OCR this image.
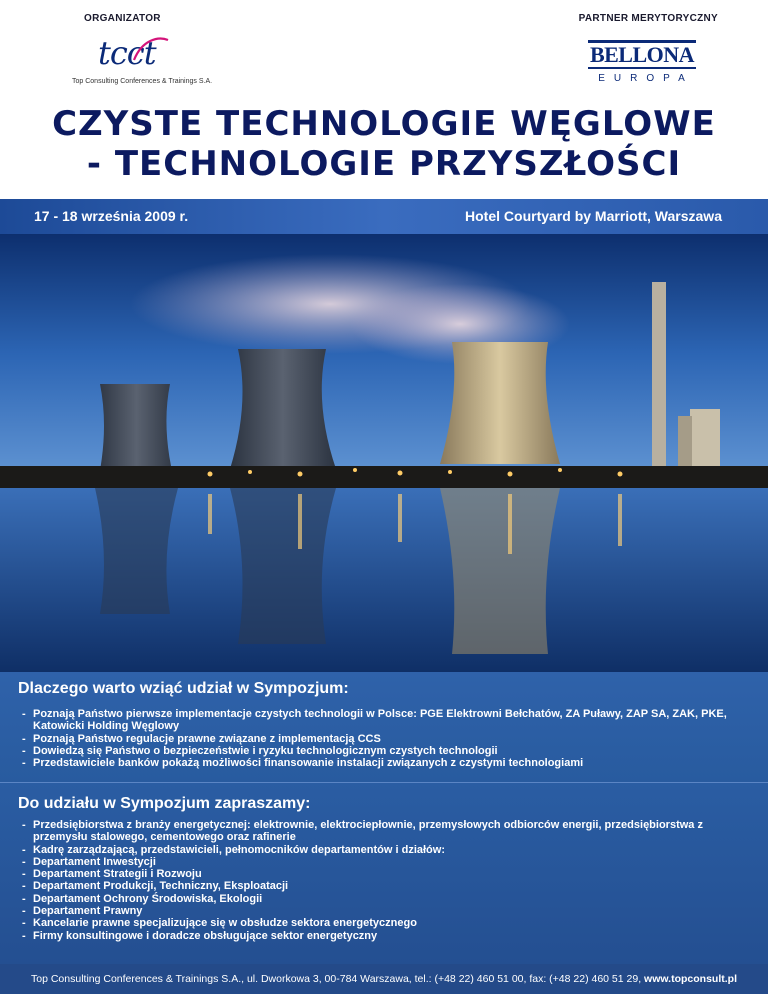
ORGANIZATOR	PARTNER MERYTORYCZNY
tcct
Top Consulting Conferences & Trainings S.A.
BELLONA
EUROPA
CZYSTE TECHNOLOGIE WĘGLOWE
- TECHNOLOGIE PRZYSZŁOŚCI
17 - 18 września 2009 r.	Hotel Courtyard by Marriott, Warszawa
Dlaczego warto wziąć udział w Sympozjum:
- Poznają Państwo pierwsze implementacje czystych technologii w Polsce: PGE Elektrowni Bełchatów, ZA Puławy, ZAP SA, ZAK, PKE, Katowicki Holding Węglowy
- Poznają Państwo regulacje prawne związane z implementacją CCS
- Dowiedzą się Państwo o bezpieczeństwie i ryzyku technologicznym czystych technologii
- Przedstawiciele banków pokażą możliwości finansowanie instalacji związanych z czystymi technologiami
Do udziału w Sympozjum zapraszamy:
- Przedsiębiorstwa z branży energetycznej: elektrownie, elektrociepłownie, przemysłowych odbiorców energii, przedsiębiorstwa z przemysłu stalowego, cementowego oraz rafinerie
- Kadrę zarządzającą, przedstawicieli, pełnomocników departamentów i działów:
- Departament Inwestycji
- Departament Strategii i Rozwoju
- Departament Produkcji, Techniczny, Eksploatacji
- Departament Ochrony Środowiska, Ekologii
- Departament Prawny
- Kancelarie prawne specjalizujące się w obsłudze sektora energetycznego
- Firmy konsultingowe i doradcze obsługujące sektor energetyczny
Top Consulting Conferences & Trainings S.A., ul. Dworkowa 3, 00-784 Warszawa, tel.: (+48 22) 460 51 00, fax: (+48 22) 460 51 29, www.topconsult.pl
